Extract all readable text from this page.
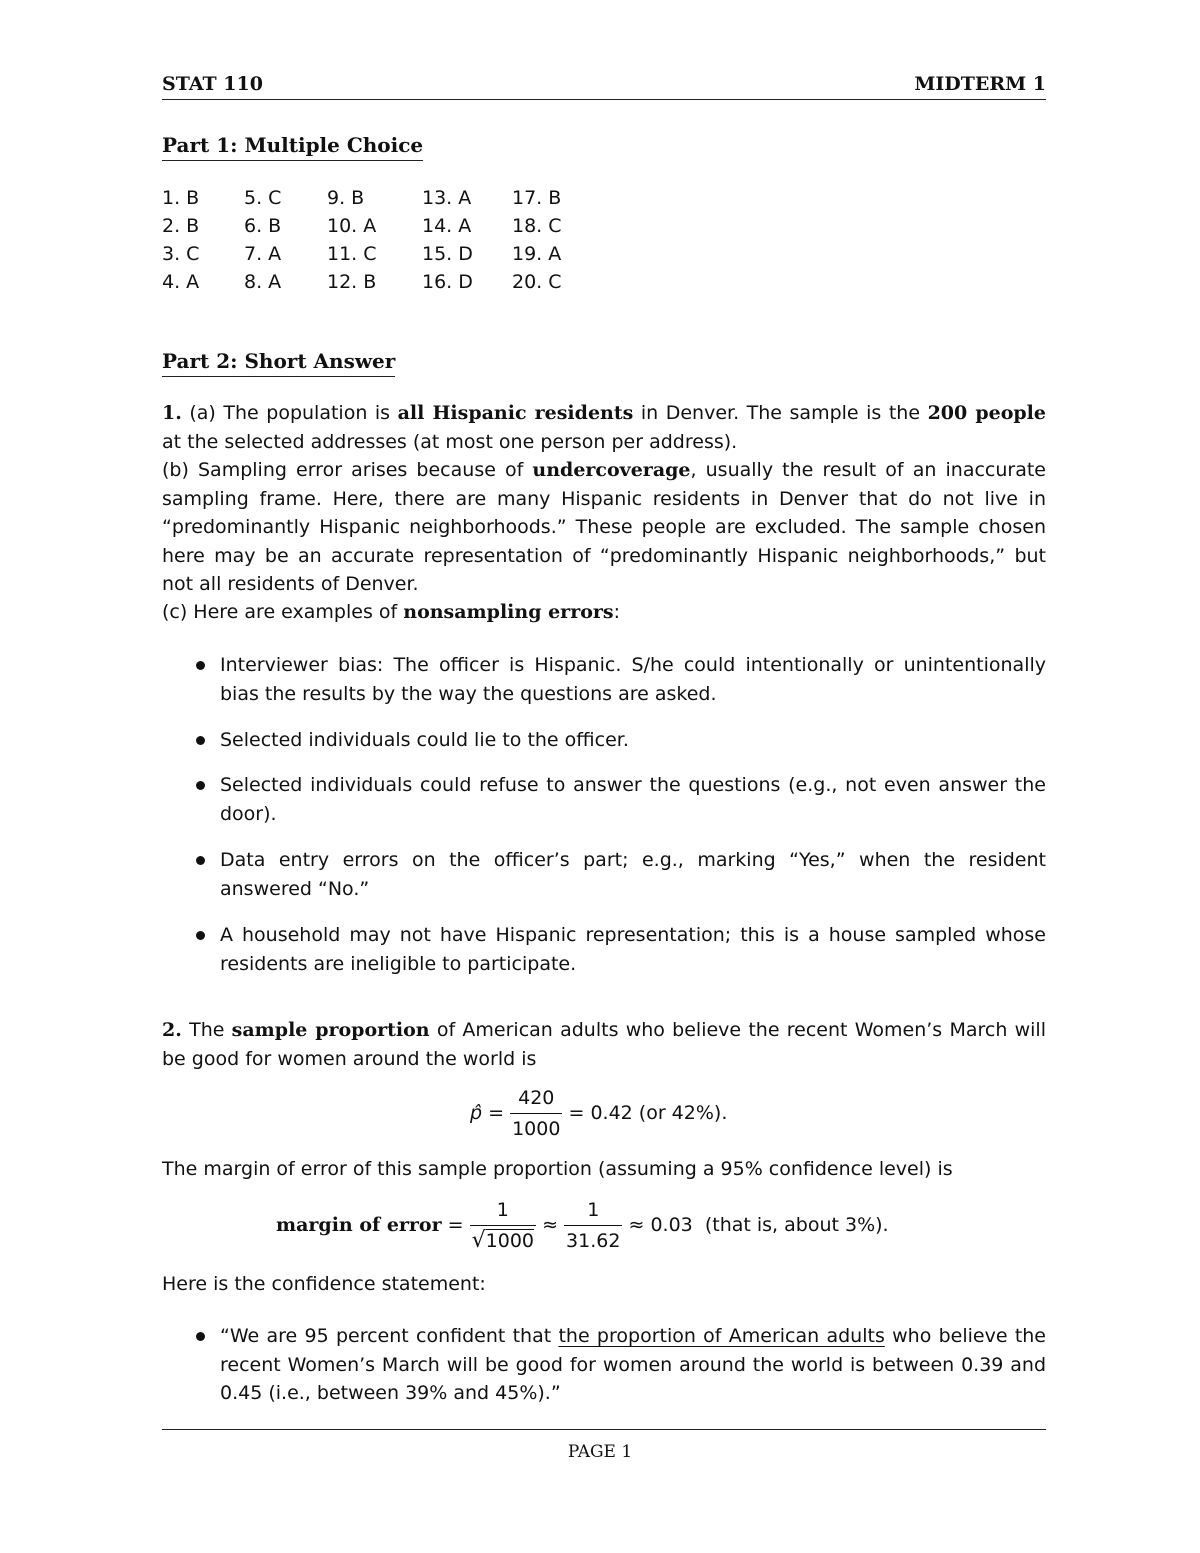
STAT 110	MIDTERM 1
Part 1: Multiple Choice
1. B
2. B
3. C
4. A
5. C
6. B
7. A
8. A
9. B
10. A
11. C
12. B
13. A
14. A
15. D
16. D
17. B
18. C
19. A
20. C
Part 2: Short Answer
1. (a) The population is all Hispanic residents in Denver. The sample is the 200 people at the selected addresses (at most one person per address).
(b) Sampling error arises because of undercoverage, usually the result of an inaccurate sampling frame. Here, there are many Hispanic residents in Denver that do not live in “predominantly Hispanic neighborhoods.” These people are excluded. The sample chosen here may be an accurate representation of “predominantly Hispanic neighborhoods,” but not all residents of Denver.
(c) Here are examples of nonsampling errors:
Interviewer bias: The officer is Hispanic. S/he could intentionally or unintentionally bias the results by the way the questions are asked.
Selected individuals could lie to the officer.
Selected individuals could refuse to answer the questions (e.g., not even answer the door).
Data entry errors on the officer’s part; e.g., marking “Yes,” when the resident answered “No.”
A household may not have Hispanic representation; this is a house sampled whose residents are ineligible to participate.
2. The sample proportion of American adults who believe the recent Women’s March will be good for women around the world is
p̂ = $\frac{420}{1000} = 0.42$ (or 42%).
The margin of error of this sample proportion (assuming a 95% confidence level) is
margin of error = $\frac{1}{√1000} \approx \frac{1}{31.62} \approx 0.03$  (that is, about 3%).
Here is the confidence statement:
“We are 95 percent confident that the proportion of American adults who believe the recent Women’s March will be good for women around the world is between 0.39 and 0.45 (i.e., between 39% and 45%).”
PAGE 1
